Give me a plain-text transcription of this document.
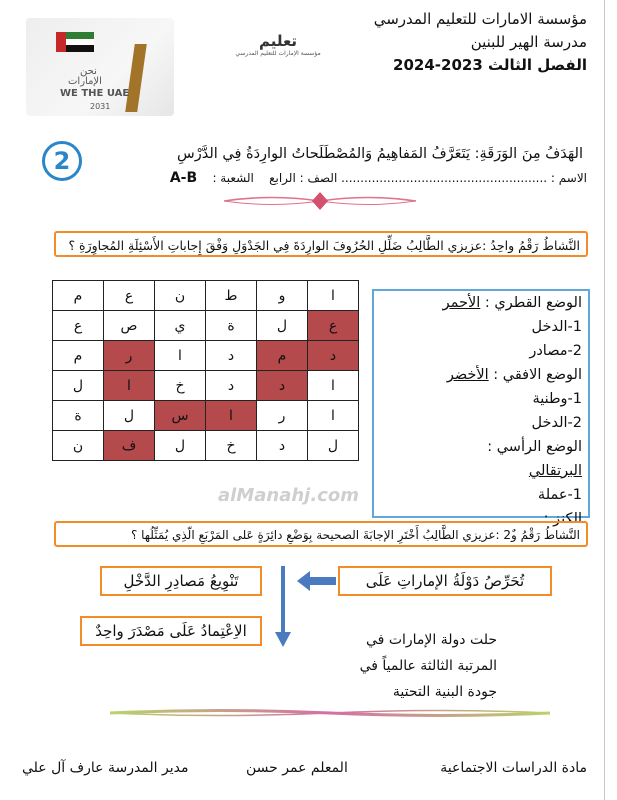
مؤسسة الامارات للتعليم المدرسي
مدرسة الهير للبنين
الفصل الثالث 2023-2024
نحن
الإمارات
WE THE UAE
2031
تعليم
مؤسسة الإمارات للتعليم المدرسي
2	الهَدَفُ مِنَ الوَرَقَةِ: يَتَعَرَّفُ المَفاهِيمُ وَالمُصْطَلَحاتُ الوارِدَةُ فِي الدَّرْسِ
الاسم : ...................................................... الصف : الرابع    الشعبة :    A-B
النَّشاطُ رَقْمُ واحِدُ :عزيزي الطَّالِبُ ضَلِّلِ الحُرُوفَ الوارِدَةَ فِي الجَدْوَلِ وَفْقَ إِجاباتِ الأَسْئِلَةِ المُجاوِرَةِ ؟
م	ع	ن	ط	و	ا
ع	ص	ي	ة	ل	ع
م	ر	ا	د	م	د
ل	ا	خ	د	د	ا
ة	ل	س	ا	ر	ا
ن	ف	ل	خ	د	ل
الوضع القطري : الأحمر
1-الدخل
2-مصادر
الوضع الافقي : الأخضر
1-وطنية
2-الدخل
الوضع الرأسي :
البرتقالي
1-عملة
الكنز : ................
alManahj.com
النَّشاطُ رَقْمُ و2ٌ :عزيزي الطَّالِبُ أَخْتَرِ الإجابَةَ الصحيحة بِوَضْعِ دائِرَةٍ عَلى المَرْبَعِ الّذِي يُمَثِّلُها ؟
تُحَرِّصُ دَوْلَةُ الإماراتِ عَلَى
تَنْوِيعُ مَصادِرِ الدَّخْلِ
الاِعْتِمادُ عَلَى مَصْدَرَ واحِدٌ	حلت دولة الإمارات في
المرتبة الثالثة عالمياً في
جودة البنية التحتية
مادة الدراسات الاجتماعية
المعلم عمر حسن
مدير المدرسة عارف آل علي
